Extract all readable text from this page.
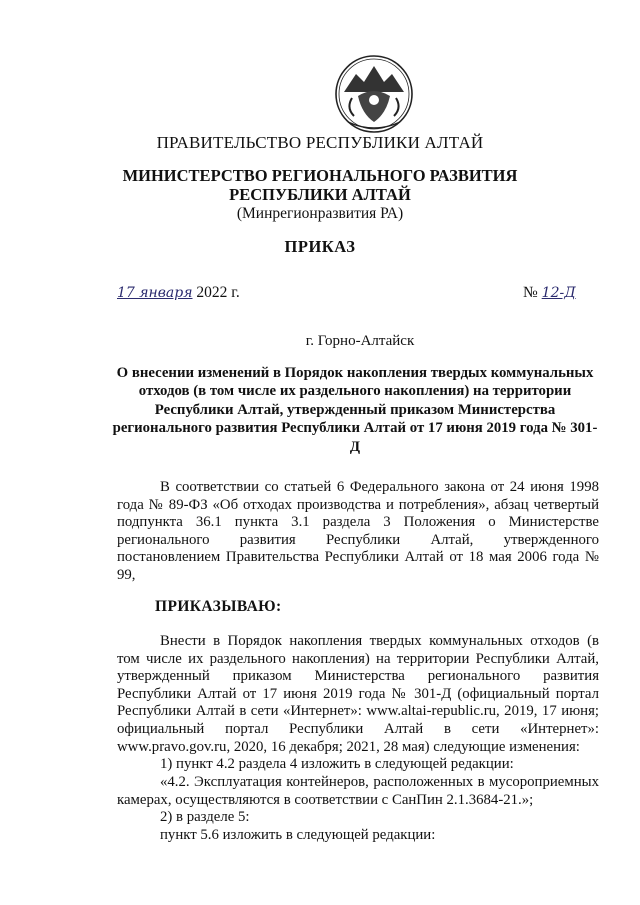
ПРАВИТЕЛЬСТВО РЕСПУБЛИКИ АЛТАЙ
МИНИСТЕРСТВО РЕГИОНАЛЬНОГО РАЗВИТИЯ
РЕСПУБЛИКИ АЛТАЙ
(Минрегионразвития РА)
ПРИКАЗ
17 января 2022 г.	№ 12-Д
г. Горно-Алтайск
О внесении изменений в Порядок накопления твердых коммунальных отходов (в том числе их раздельного накопления) на территории Республики Алтай, утвержденный приказом Министерства регионального развития Республики Алтай от 17 июня 2019 года № 301-Д
В соответствии со статьей 6 Федерального закона от 24 июня 1998 года № 89-ФЗ «Об отходах производства и потребления», абзац четвертый подпункта 36.1 пункта 3.1 раздела 3 Положения о Министерстве регионального развития Республики Алтай, утвержденного постановлением Правительства Республики Алтай от 18 мая 2006 года № 99,
ПРИКАЗЫВАЮ:
Внести в Порядок накопления твердых коммунальных отходов (в том числе их раздельного накопления) на территории Республики Алтай, утвержденный приказом Министерства регионального развития Республики Алтай от 17 июня 2019 года № 301-Д (официальный портал Республики Алтай в сети «Интернет»: www.altai-republic.ru, 2019, 17 июня; официальный портал Республики Алтай в сети «Интернет»: www.pravo.gov.ru, 2020, 16 декабря; 2021, 28 мая) следующие изменения:
1) пункт 4.2 раздела 4 изложить в следующей редакции:
«4.2. Эксплуатация контейнеров, расположенных в мусороприемных камерах, осуществляются в соответствии с СанПин 2.1.3684-21.»;
2) в разделе 5:
пункт 5.6 изложить в следующей редакции:
